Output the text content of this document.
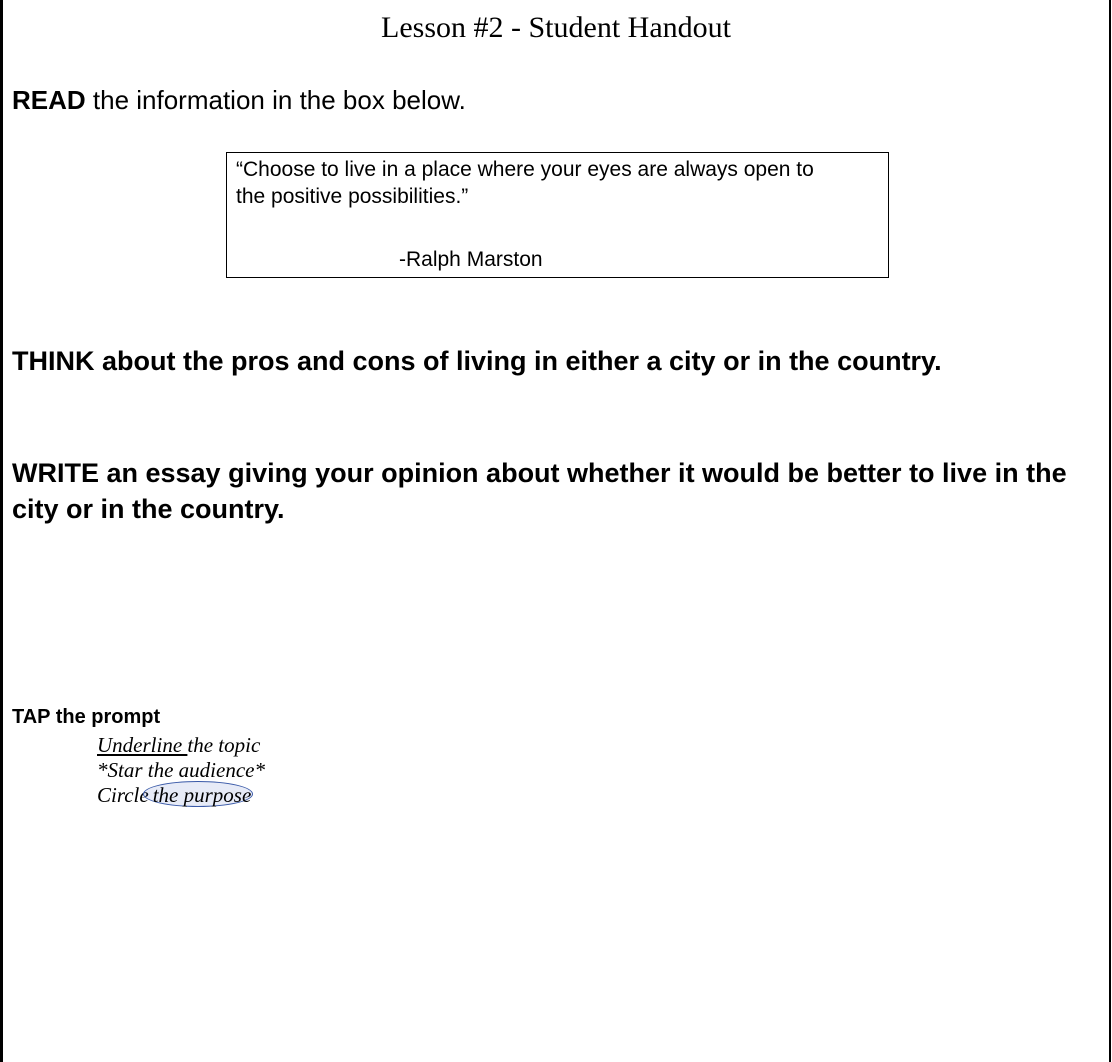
Lesson #2 - Student Handout
READ the information in the box below.
“Choose to live in a place where your eyes are always open to the positive possibilities.”
-Ralph Marston
THINK about the pros and cons of living in either a city or in the country.
WRITE an essay giving your opinion about whether it would be better to live in the city or in the country.
TAP the prompt
Underline the topic
*Star the audience*
Circle the purpose
